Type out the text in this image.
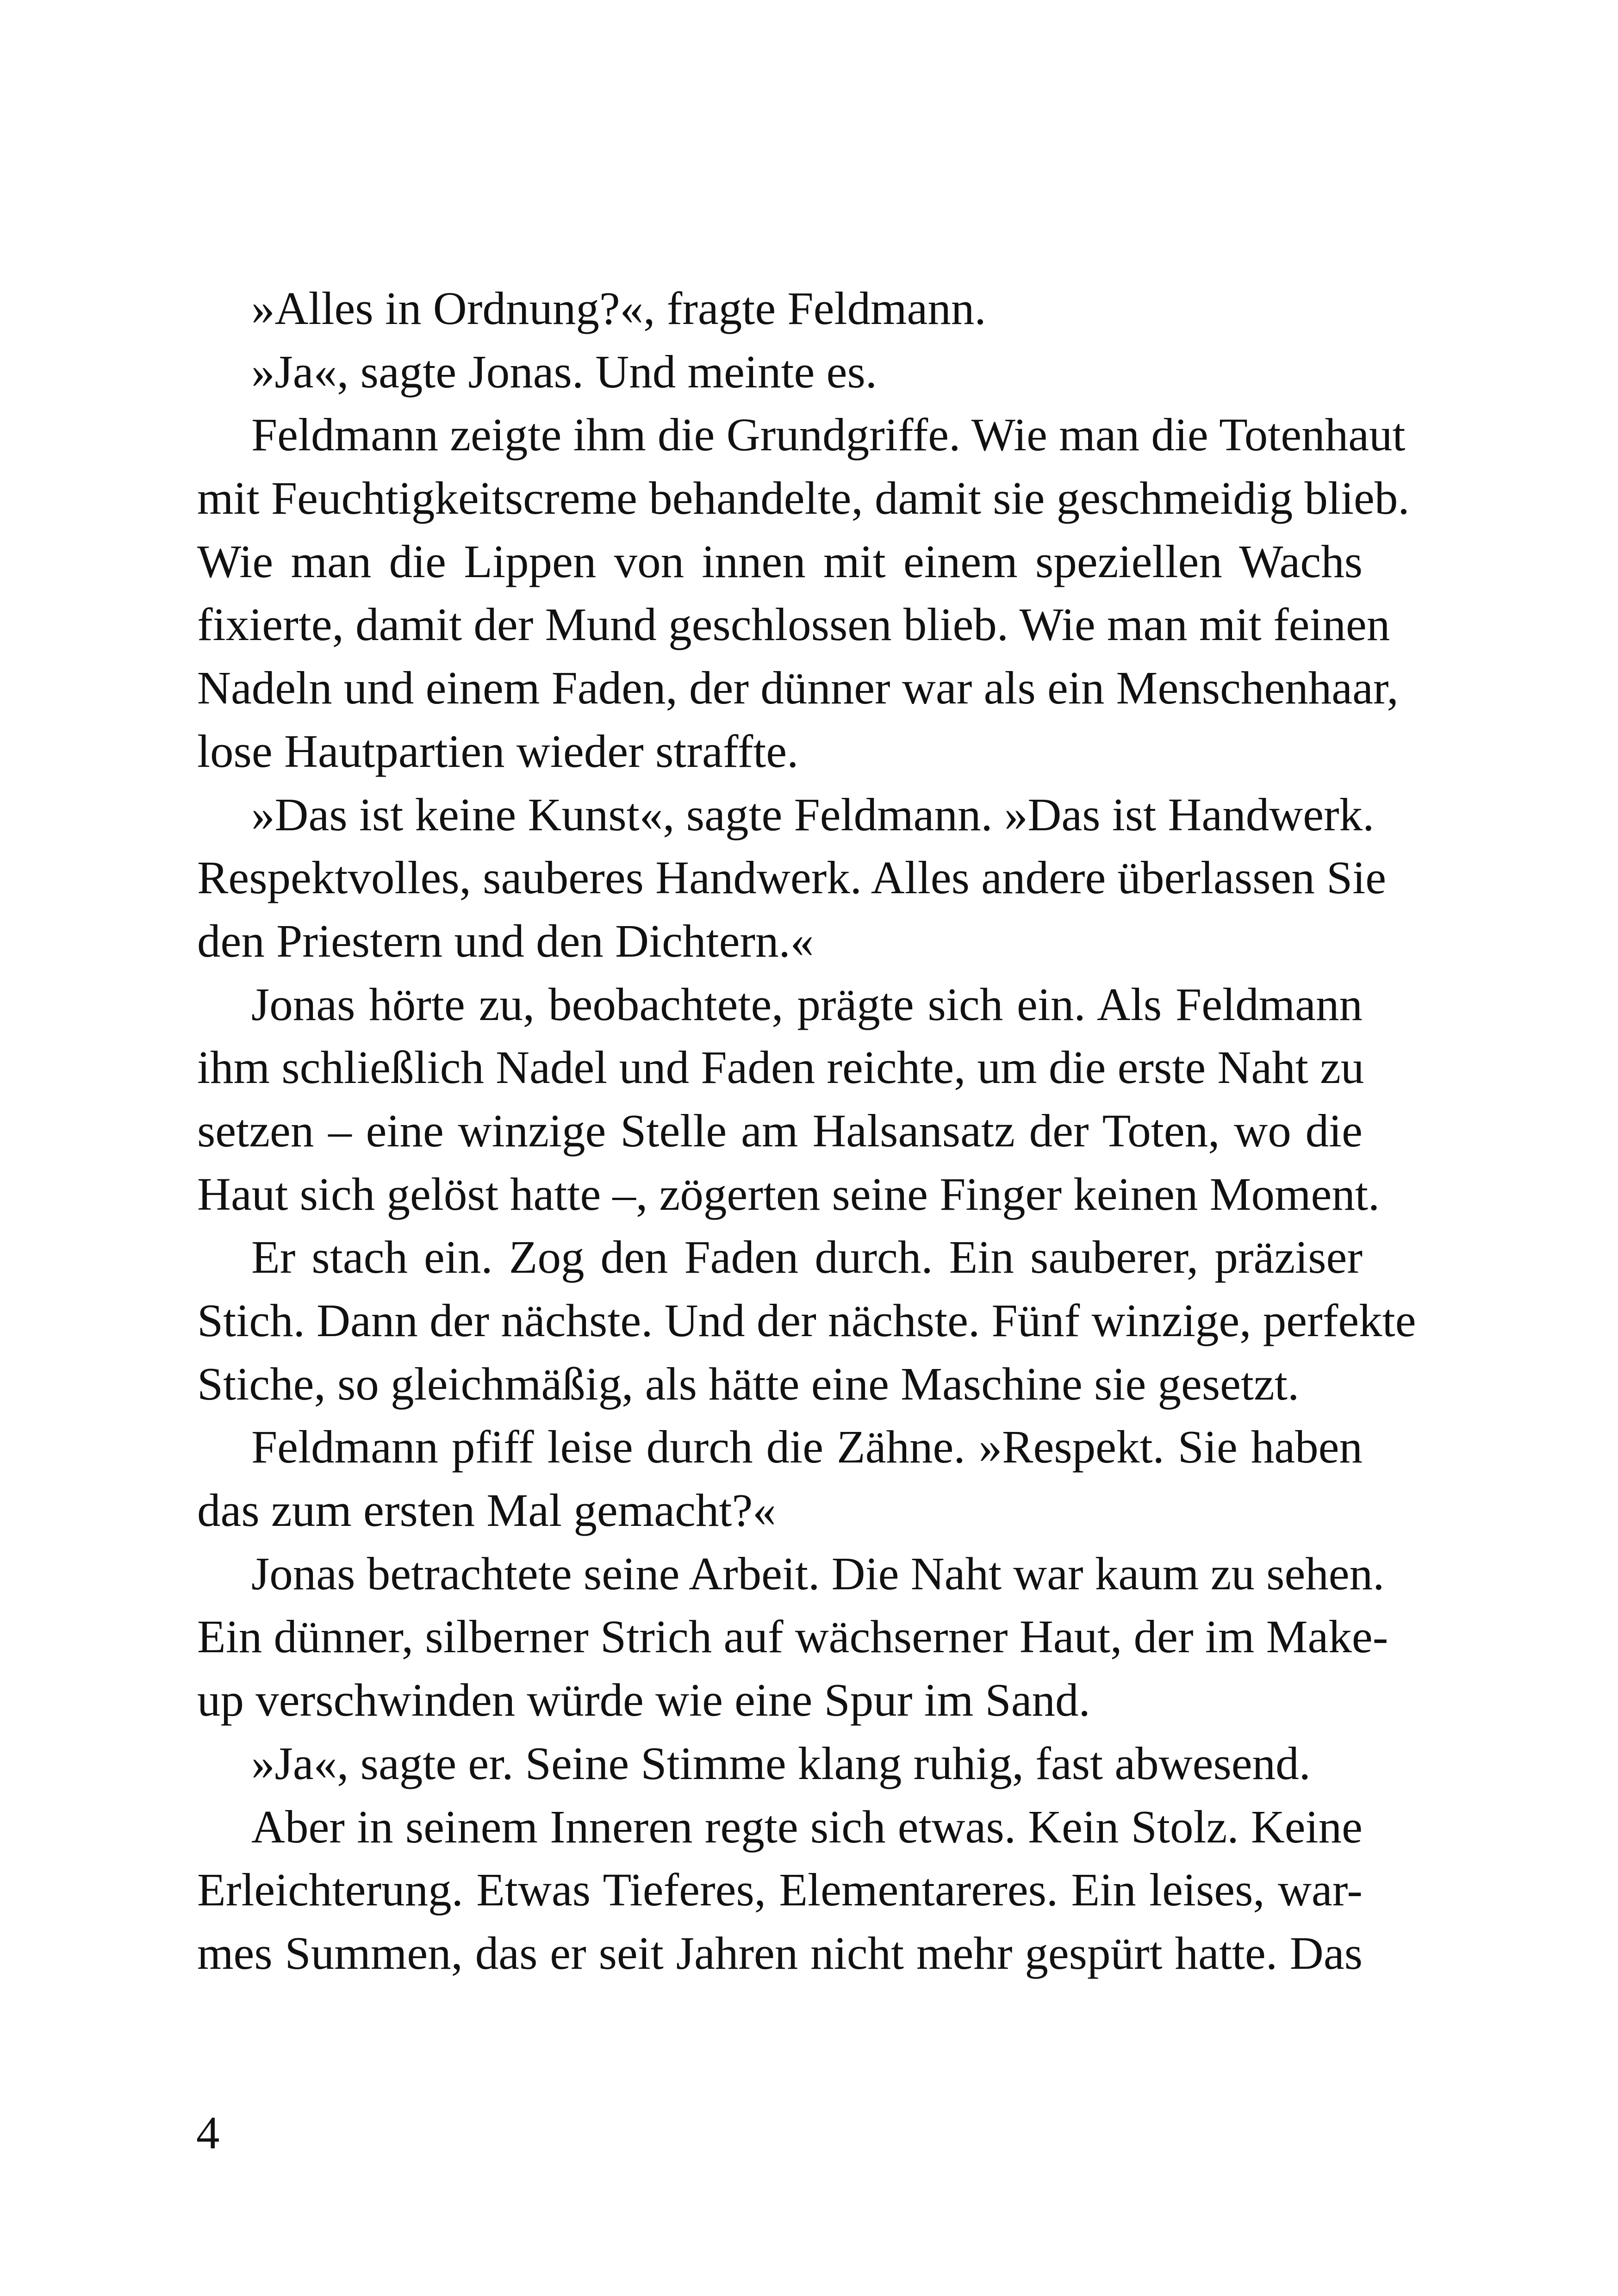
»Alles in Ordnung?«, fragte Feldmann.

»Ja«, sagte Jonas. Und meinte es.

Feldmann zeigte ihm die Grundgriffe. Wie man die Totenhaut
mit Feuchtigkeitscreme behandelte, damit sie geschmeidig blieb.
Wie man die Lippen von innen mit einem speziellen Wachs
fixierte, damit der Mund geschlossen blieb. Wie man mit feinen
Nadeln und einem Faden, der dünner war als ein Menschenhaar,
lose Hautpartien wieder straffte.

»Das ist keine Kunst«, sagte Feldmann. »Das ist Handwerk.
Respektvolles, sauberes Handwerk. Alles andere überlassen Sie
den Priestern und den Dichtern.«

Jonas hörte zu, beobachtete, prägte sich ein. Als Feldmann
ihm schließlich Nadel und Faden reichte, um die erste Naht zu
setzen – eine winzige Stelle am Halsansatz der Toten, wo die
Haut sich gelöst hatte –, zögerten seine Finger keinen Moment.

Er stach ein. Zog den Faden durch. Ein sauberer, präziser
Stich. Dann der nächste. Und der nächste. Fünf winzige, perfekte
Stiche, so gleichmäßig, als hätte eine Maschine sie gesetzt.

Feldmann pfiff leise durch die Zähne. »Respekt. Sie haben
das zum ersten Mal gemacht?«

Jonas betrachtete seine Arbeit. Die Naht war kaum zu sehen.
Ein dünner, silberner Strich auf wächserner Haut, der im Make-
up verschwinden würde wie eine Spur im Sand.

»Ja«, sagte er. Seine Stimme klang ruhig, fast abwesend.

Aber in seinem Inneren regte sich etwas. Kein Stolz. Keine
Erleichterung. Etwas Tieferes, Elementareres. Ein leises, war-
mes Summen, das er seit Jahren nicht mehr gespürt hatte. Das

4
